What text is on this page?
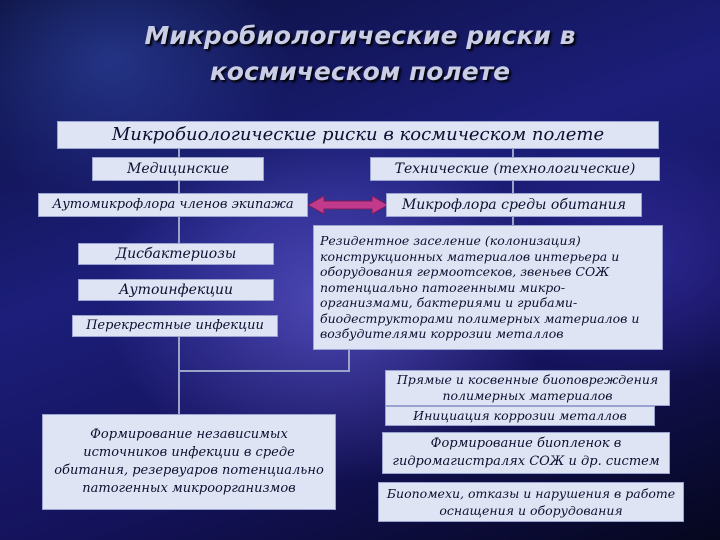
Микробиологические риски в
космическом полете
Микробиологические риски в космическом полете
Медицинские	Технические (технологические)
Аутомикрофлора членов экипажа	Микрофлора среды обитания
Дисбактериозы
Аутоинфекции
Перекрестные инфекции
Резидентное заселение (колонизация) конструкционных материалов интерьера и оборудования гермоотсеков, звеньев СОЖ потенциально патогенными микро-организмами, бактериями и грибами-биодеструкторами полимерных материалов и возбудителями коррозии металлов
Прямые и косвенные биоповреждения полимерных материалов
Инициация коррозии металлов
Формирование независимых источников инфекции в среде обитания, резервуаров потенциально патогенных микроорганизмов
Формирование биопленок в гидромагистралях СОЖ и др. систем
Биопомехи, отказы и нарушения в работе оснащения и оборудования
